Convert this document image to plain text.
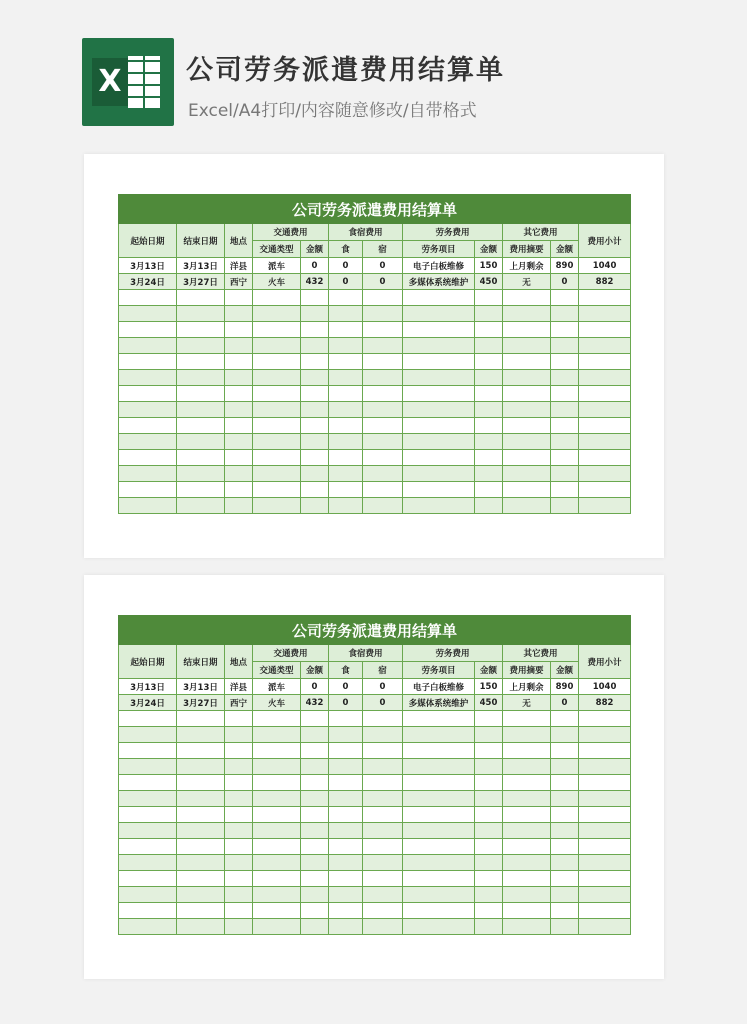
X 公司劳务派遣费用结算单
Excel/A4打印/内容随意修改/自带格式
公司劳务派遣费用结算单											
起始日期	结束日期	地点	交通费用		食宿费用		劳务费用		其它费用		费用小计
			交通类型	金额	食	宿	劳务项目	金额	费用摘要	金额	
3月13日	3月13日	洋县	派车	0	0	0	电子白板维修	150	上月剩余	890	1040
3月24日	3月27日	西宁	火车	432	0	0	多媒体系统维护	450	无	0	882

公司劳务派遣费用结算单											
起始日期	结束日期	地点	交通费用		食宿费用		劳务费用		其它费用		费用小计
			交通类型	金额	食	宿	劳务项目	金额	费用摘要	金额	
3月13日	3月13日	洋县	派车	0	0	0	电子白板维修	150	上月剩余	890	1040
3月24日	3月27日	西宁	火车	432	0	0	多媒体系统维护	450	无	0	882
